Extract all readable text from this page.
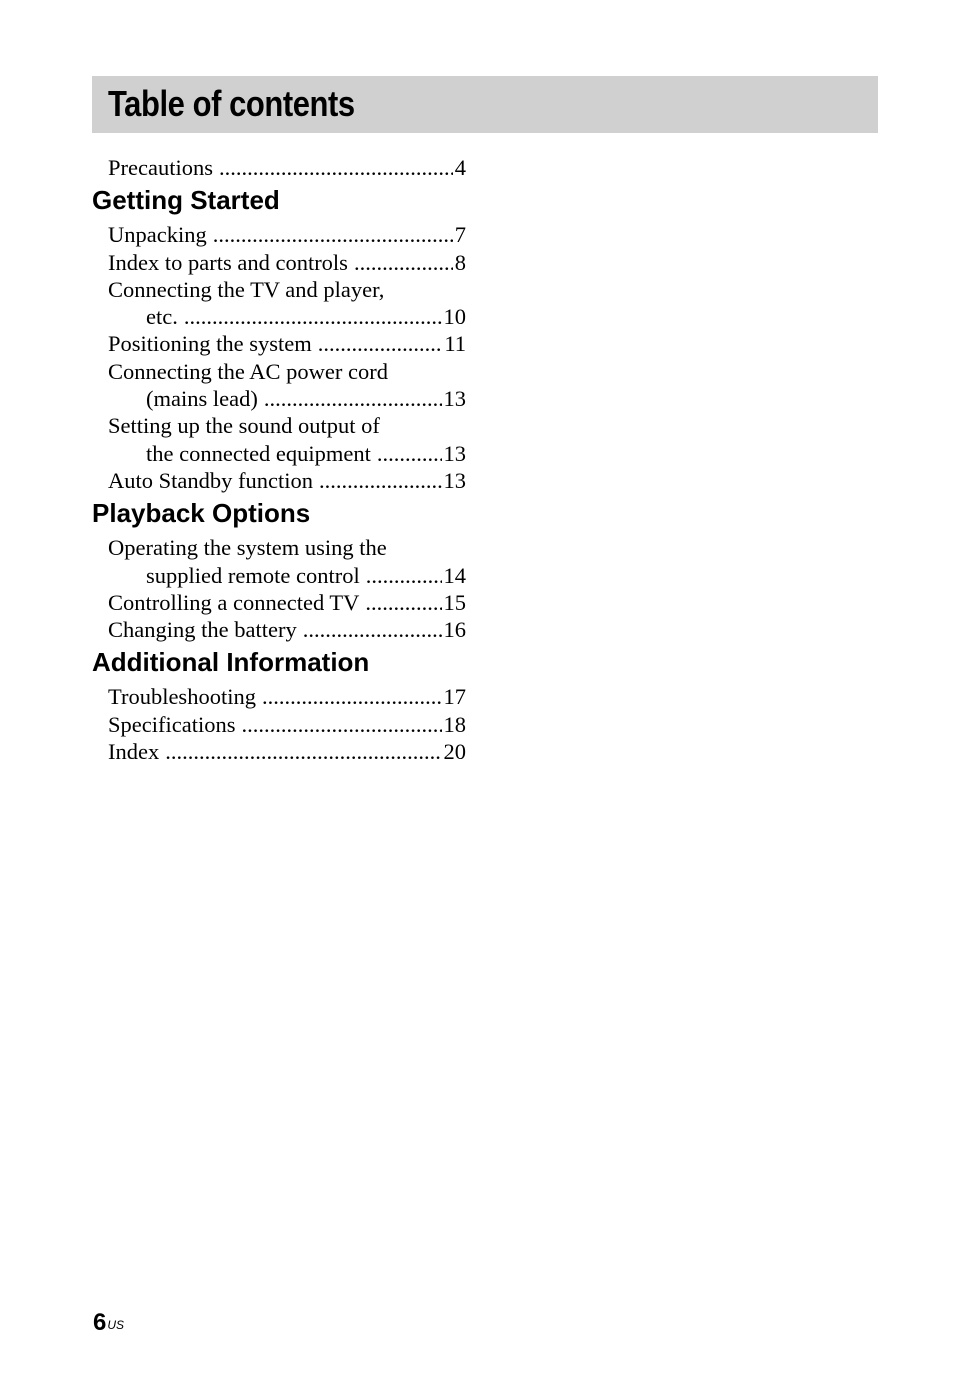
Table of contents
Precautions .....	4
Getting Started
Unpacking .....	7
Index to parts and controls .....	8
Connecting the TV and player,
etc. .....	10
Positioning the system .....	11
Connecting the AC power cord
(mains lead) .....	13
Setting up the sound output of
the connected equipment .....	13
Auto Standby function .....	13
Playback Options
Operating the system using the
supplied remote control .....	14
Controlling a connected TV .....	15
Changing the battery .....	16
Additional Information
Troubleshooting .....	17
Specifications .....	18
Index .....	20
$6^{US}$
